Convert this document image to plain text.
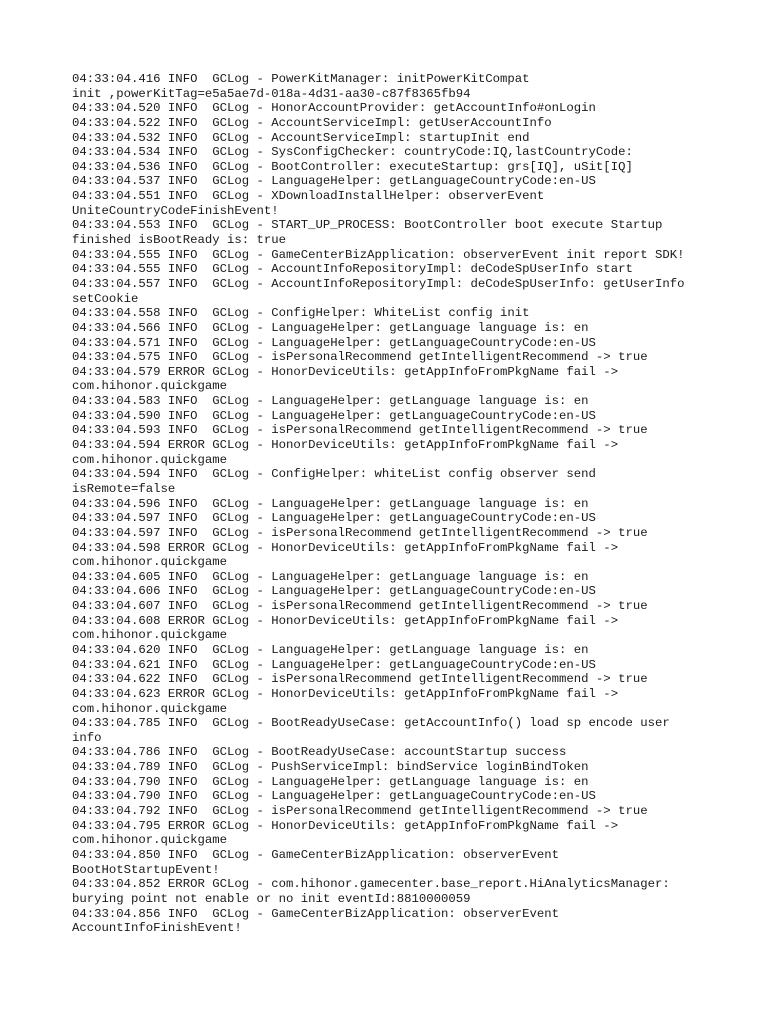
04:33:04.416 INFO  GCLog - PowerKitManager: initPowerKitCompat
init ,powerKitTag=e5a5ae7d-018a-4d31-aa30-c87f8365fb94
04:33:04.520 INFO  GCLog - HonorAccountProvider: getAccountInfo#onLogin
04:33:04.522 INFO  GCLog - AccountServiceImpl: getUserAccountInfo
04:33:04.532 INFO  GCLog - AccountServiceImpl: startupInit end
04:33:04.534 INFO  GCLog - SysConfigChecker: countryCode:IQ,lastCountryCode:
04:33:04.536 INFO  GCLog - BootController: executeStartup: grs[IQ], uSit[IQ]
04:33:04.537 INFO  GCLog - LanguageHelper: getLanguageCountryCode:en-US
04:33:04.551 INFO  GCLog - XDownloadInstallHelper: observerEvent
UniteCountryCodeFinishEvent!
04:33:04.553 INFO  GCLog - START_UP_PROCESS: BootController boot execute Startup
finished isBootReady is: true
04:33:04.555 INFO  GCLog - GameCenterBizApplication: observerEvent init report SDK!
04:33:04.555 INFO  GCLog - AccountInfoRepositoryImpl: deCodeSpUserInfo start
04:33:04.557 INFO  GCLog - AccountInfoRepositoryImpl: deCodeSpUserInfo: getUserInfo
setCookie
04:33:04.558 INFO  GCLog - ConfigHelper: WhiteList config init
04:33:04.566 INFO  GCLog - LanguageHelper: getLanguage language is: en
04:33:04.571 INFO  GCLog - LanguageHelper: getLanguageCountryCode:en-US
04:33:04.575 INFO  GCLog - isPersonalRecommend getIntelligentRecommend -> true
04:33:04.579 ERROR GCLog - HonorDeviceUtils: getAppInfoFromPkgName fail ->
com.hihonor.quickgame
04:33:04.583 INFO  GCLog - LanguageHelper: getLanguage language is: en
04:33:04.590 INFO  GCLog - LanguageHelper: getLanguageCountryCode:en-US
04:33:04.593 INFO  GCLog - isPersonalRecommend getIntelligentRecommend -> true
04:33:04.594 ERROR GCLog - HonorDeviceUtils: getAppInfoFromPkgName fail ->
com.hihonor.quickgame
04:33:04.594 INFO  GCLog - ConfigHelper: whiteList config observer send
isRemote=false
04:33:04.596 INFO  GCLog - LanguageHelper: getLanguage language is: en
04:33:04.597 INFO  GCLog - LanguageHelper: getLanguageCountryCode:en-US
04:33:04.597 INFO  GCLog - isPersonalRecommend getIntelligentRecommend -> true
04:33:04.598 ERROR GCLog - HonorDeviceUtils: getAppInfoFromPkgName fail ->
com.hihonor.quickgame
04:33:04.605 INFO  GCLog - LanguageHelper: getLanguage language is: en
04:33:04.606 INFO  GCLog - LanguageHelper: getLanguageCountryCode:en-US
04:33:04.607 INFO  GCLog - isPersonalRecommend getIntelligentRecommend -> true
04:33:04.608 ERROR GCLog - HonorDeviceUtils: getAppInfoFromPkgName fail ->
com.hihonor.quickgame
04:33:04.620 INFO  GCLog - LanguageHelper: getLanguage language is: en
04:33:04.621 INFO  GCLog - LanguageHelper: getLanguageCountryCode:en-US
04:33:04.622 INFO  GCLog - isPersonalRecommend getIntelligentRecommend -> true
04:33:04.623 ERROR GCLog - HonorDeviceUtils: getAppInfoFromPkgName fail ->
com.hihonor.quickgame
04:33:04.785 INFO  GCLog - BootReadyUseCase: getAccountInfo() load sp encode user
info
04:33:04.786 INFO  GCLog - BootReadyUseCase: accountStartup success
04:33:04.789 INFO  GCLog - PushServiceImpl: bindService loginBindToken
04:33:04.790 INFO  GCLog - LanguageHelper: getLanguage language is: en
04:33:04.790 INFO  GCLog - LanguageHelper: getLanguageCountryCode:en-US
04:33:04.792 INFO  GCLog - isPersonalRecommend getIntelligentRecommend -> true
04:33:04.795 ERROR GCLog - HonorDeviceUtils: getAppInfoFromPkgName fail ->
com.hihonor.quickgame
04:33:04.850 INFO  GCLog - GameCenterBizApplication: observerEvent
BootHotStartupEvent!
04:33:04.852 ERROR GCLog - com.hihonor.gamecenter.base_report.HiAnalyticsManager:
burying point not enable or no init eventId:8810000059
04:33:04.856 INFO  GCLog - GameCenterBizApplication: observerEvent
AccountInfoFinishEvent!
